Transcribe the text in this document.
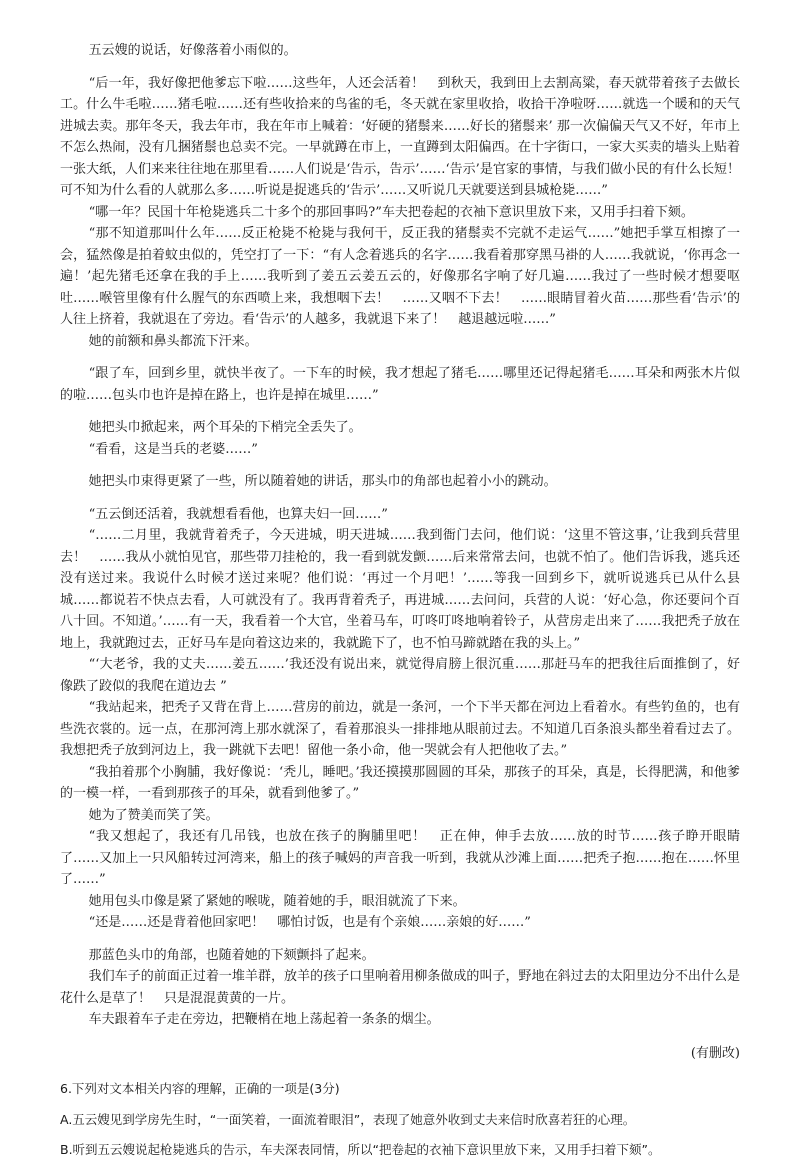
五云嫂的说话，好像落着小雨似的。

“后一年，我好像把他爹忘下啦……这些年，人还会活着！　到秋天，我到田上去割高粱，春天就带着孩子去做长工。什么牛毛啦……猪毛啦……还有些收拾来的鸟雀的毛，冬天就在家里收拾，收拾干净啦呀……就选一个暖和的天气进城去卖。那年冬天，我去年市，我在年市上喊着：‘好硬的猪鬃来……好长的猪鬃来’ 那一次偏偏天气又不好，年市上不怎么热闹，没有几捆猪鬃也总卖不完。一早就蹲在市上，一直蹲到太阳偏西。在十字街口，一家大买卖的墙头上贴着一张大纸，人们来来往往地在那里看……人们说是‘告示，告示’……‘告示’是官家的事情，与我们做小民的有什么长短！　可不知为什么看的人就那么多……听说是捉逃兵的‘告示’……又听说几天就要送到县城枪毙……”

“哪一年？民国十年枪毙逃兵二十多个的那回事吗?”车夫把卷起的衣袖下意识里放下来，又用手扫着下颏。

“那不知道那叫什么年……反正枪毙不枪毙与我何干，反正我的猪鬃卖不完就不走运气……”她把手掌互相擦了一会，猛然像是拍着蚊虫似的，凭空打了一下：“有人念着逃兵的名字……我看着那穿黑马褂的人……我就说，‘你再念一遍！’起先猪毛还拿在我的手上……我听到了姜五云姜五云的，好像那名字响了好几遍……我过了一些时候才想要呕吐……喉管里像有什么腥气的东西喷上来，我想咽下去！　……又咽不下去！　……眼睛冒着火苗……那些看‘告示’的人往上挤着，我就退在了旁边。看‘告示’的人越多，我就退下来了！　越退越远啦……”

她的前额和鼻头都流下汗来。

“跟了车，回到乡里，就快半夜了。一下车的时候，我才想起了猪毛……哪里还记得起猪毛……耳朵和两张木片似的啦……包头巾也许是掉在路上，也许是掉在城里……”

她把头巾掀起来，两个耳朵的下梢完全丢失了。

“看看，这是当兵的老婆……”

她把头巾束得更紧了一些，所以随着她的讲话，那头巾的角部也起着小小的跳动。

“五云倒还活着，我就想看看他，也算夫妇一回……”

“……二月里，我就背着秃子，今天进城，明天进城……我到衙门去问，他们说：‘这里不管这事，’让我到兵营里去！　……我从小就怕见官，那些带刀挂枪的，我一看到就发颤……后来常常去问，也就不怕了。他们告诉我，逃兵还没有送过来。我说什么时候才送过来呢？他们说：‘再过一个月吧！’……等我一回到乡下，就听说逃兵已从什么县城……都说若不快点去看，人可就没有了。我再背着秃子，再进城……去问问，兵营的人说：‘好心急，你还要问个百八十回。不知道。’……有一天，我看着一个大官，坐着马车，叮咚叮咚地响着铃子，从营房走出来了……我把秃子放在地上，我就跑过去，正好马车是向着这边来的，我就跪下了，也不怕马蹄就踏在我的头上。”

“‘大老爷，我的丈夫……姜五……’我还没有说出来，就觉得肩膀上很沉重……那赶马车的把我往后面推倒了，好像跌了跤似的我爬在道边去 ”

“我站起来，把秃子又背在背上……营房的前边，就是一条河，一个下半天都在河边上看着水。有些钓鱼的，也有些洗衣裳的。远一点，在那河湾上那水就深了，看着那浪头一排排地从眼前过去。不知道几百条浪头都坐着看过去了。我想把秃子放到河边上，我一跳就下去吧！留他一条小命，他一哭就会有人把他收了去。”

“我拍着那个小胸脯，我好像说：‘秃儿，睡吧。’我还摸摸那圆圆的耳朵，那孩子的耳朵，真是，长得肥满，和他爹的一模一样，一看到那孩子的耳朵，就看到他爹了。”

她为了赞美而笑了笑。

“我又想起了，我还有几吊钱，也放在孩子的胸脯里吧！　正在伸，伸手去放……放的时节……孩子睁开眼睛了……又加上一只风船转过河湾来，船上的孩子喊妈的声音我一听到，我就从沙滩上面……把秃子抱……抱在……怀里了……”

她用包头巾像是紧了紧她的喉咙，随着她的手，眼泪就流了下来。

“还是……还是背着他回家吧！　哪怕讨饭，也是有个亲娘……亲娘的好……”

那蓝色头巾的角部，也随着她的下颏颤抖了起来。

我们车子的前面正过着一堆羊群，放羊的孩子口里响着用柳条做成的叫子，野地在斜过去的太阳里边分不出什么是花什么是草了！　只是混混黄黄的一片。

车夫跟着车子走在旁边，把鞭梢在地上荡起着一条条的烟尘。

(有删改)

6.下列对文本相关内容的理解，正确的一项是(3分)

A.五云嫂见到学房先生时，“一面笑着，一面流着眼泪”，表现了她意外收到丈夫来信时欣喜若狂的心理。

B.听到五云嫂说起枪毙逃兵的告示，车夫深表同情，所以“把卷起的衣袖下意识里放下来，又用手扫着下颏”。
